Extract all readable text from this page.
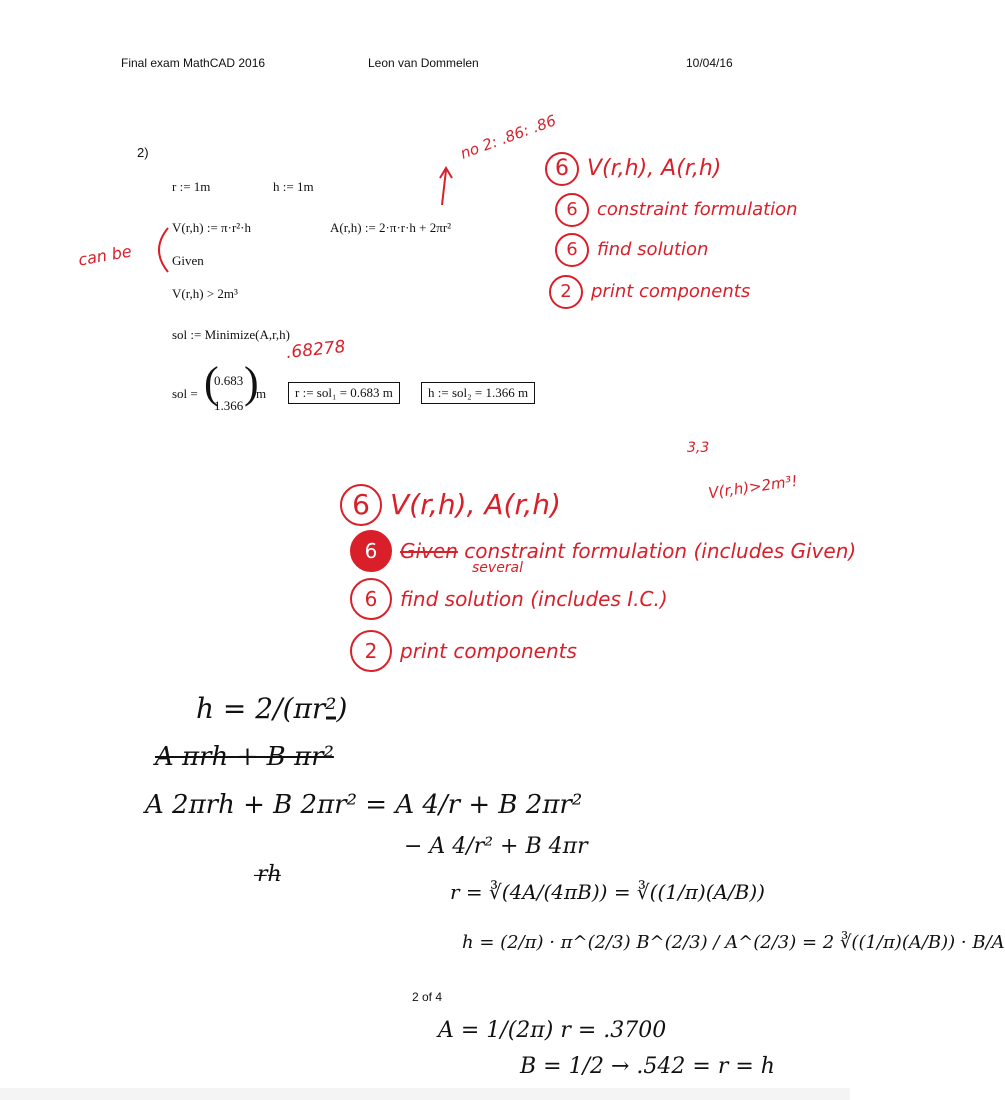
Final exam MathCAD 2016	Leon van Dommelen	10/04/16
2)
r := 1m	h := 1m
V(r,h) := π·r²·h	A(r,h) := 2·π·r·h + 2πr²
Given
V(r,h) > 2m³
sol := Minimize(A,r,h)
sol = (
0.683
1.366 )
m	r := sol₁ = 0.683 m	h := sol₂ = 1.366 m
no 2: .86: .86
can be
.68278
6 V(r,h), A(r,h)
6 constraint formulation
6 find solution
2 print components
3,3
V(r,h)>2m³!
6 V(r,h), A(r,h)
6 Given constraint formulation (includes Given)
several
6 find solution (includes I.C.)
2 print components
h = 2/(πr²)
A πrh + B πr²
A 2πrh + B 2πr² = A 4/r + B 2πr²
− A 4/r² + B 4πr
r̶h̶
r = ∛(4A/(4πB)) = ∛((1/π)(A/B))
h = (2/π) · π^(2/3) B^(2/3) / A^(2/3) = 2 ∛((1/π)(A/B)) · B/A
2 of 4
A = 1/(2π) r = .3700
B = 1/2 → .542 = r = h
